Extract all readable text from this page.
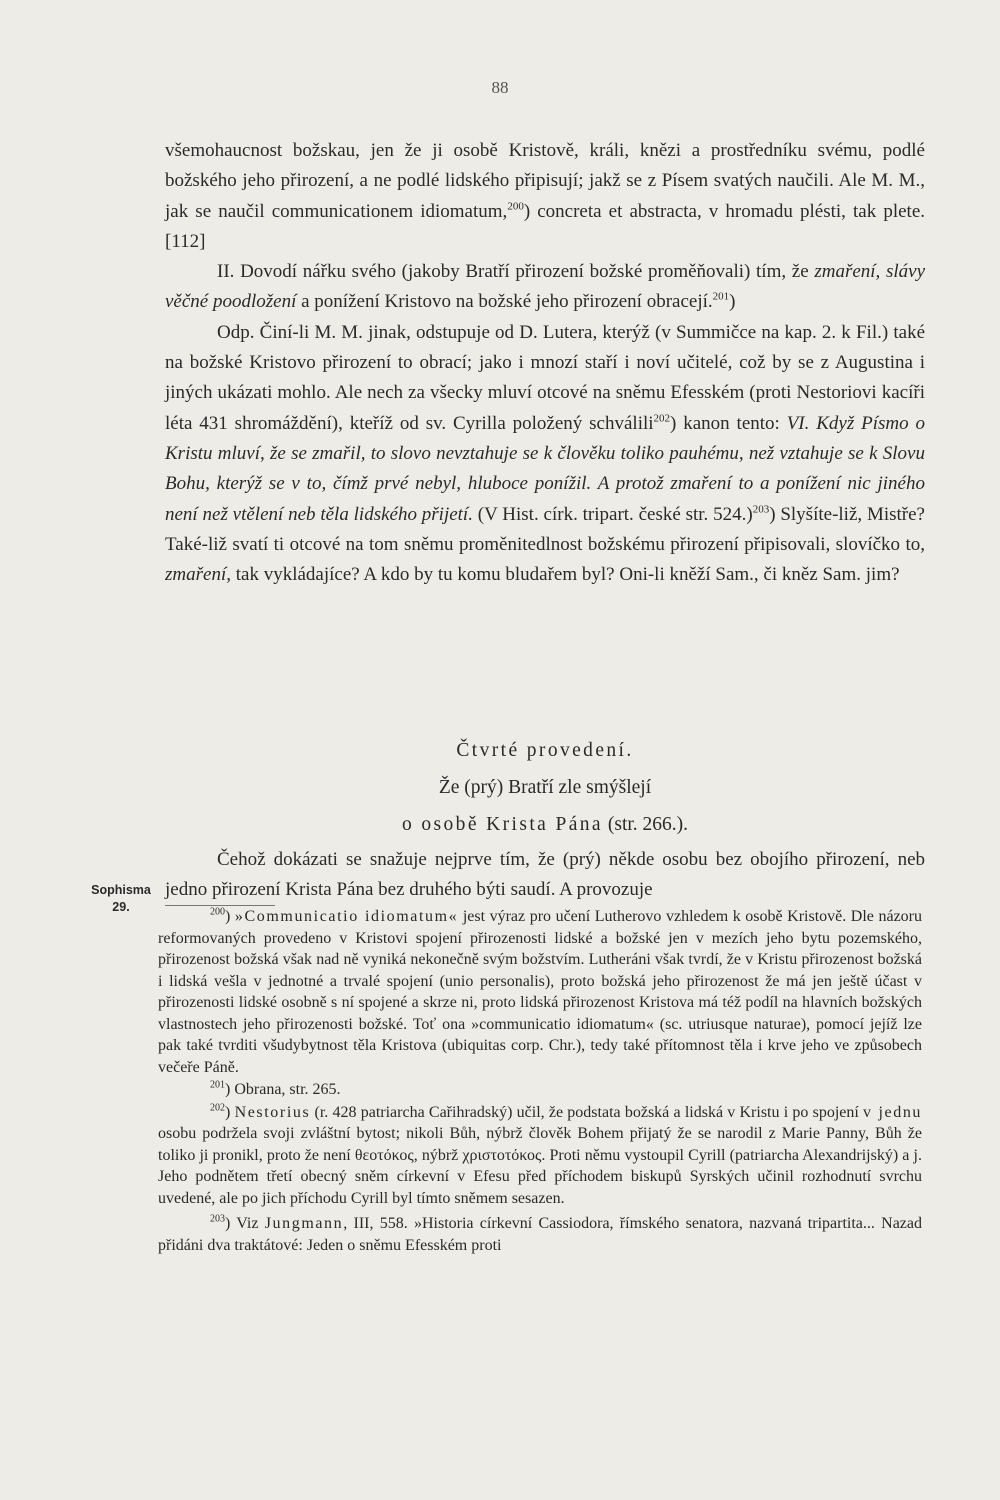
88

všemohaucnost božskau, jen že ji osobě Kristově, králi, knězi a prostředníku svému, podlé božského jeho přirození, a ne podlé lidského připisují; jakž se z Písem svatých naučili. Ale M. M., jak se naučil communicationem idiomatum,$^{200}$) concreta et abstracta, v hromadu plésti, tak plete. [112]

II. Dovodí nářku svého (jakoby Bratří přirození božské proměňovali) tím, že zmaření, slávy věčné poodložení a ponížení Kristovo na božské jeho přirození obracejí.$^{201}$)

Odp. Činí-li M. M. jinak, odstupuje od D. Lutera, kterýž (v Summičce na kap. 2. k Fil.) také na božské Kristovo přirození to obrací; jako i mnozí staří i noví učitelé, což by se z Augustina i jiných ukázati mohlo. Ale nech za všecky mluví otcové na sněmu Efesském (proti Nestoriovi kacíři léta 431 shromáždění), kteříž od sv. Cyrilla položený schválili$^{202}$) kanon tento: VI. Když Písmo o Kristu mluví, že se zmařil, to slovo nevztahuje se k člověku toliko pauhému, než vztahuje se k Slovu Bohu, kterýž se v to, čímž prvé nebyl, hluboce ponížil. A protož zmaření to a ponížení nic jiného není než vtělení neb těla lidského přijetí. (V Hist. círk. tripart. české str. 524.)$^{203}$) Slyšíte-liž, Mistře? Také-liž svatí ti otcové na tom sněmu proměnitedlnost božskému přirození připisovali, slovíčko to, zmaření, tak vykládajíce? A kdo by tu komu bludařem byl? Oni-li kněží Sam., či kněz Sam. jim?

Čtvrté provedení.
Že (prý) Bratří zle smýšlejí
o osobě Krista Pána (str. 266.).

Čehož dokázati se snažuje nejprve tím, že (prý) někde osobu bez obojího přirození, neb jedno přirození Krista Pána bez druhého býti saudí. A provozuje

Sophisma
29.	$^{200}$) »Communicatio idiomatum« jest výraz pro učení Lutherovo vzhledem k osobě Kristově. Dle názoru reformovaných provedeno v Kristovi spojení přirozenosti lidské a božské jen v mezích jeho bytu pozemského, přirozenost božská však nad ně vyniká nekonečně svým božstvím. Lutheráni však tvrdí, že v Kristu přirozenost božská i lidská vešla v jednotné a trvalé spojení (unio personalis), proto božská jeho přirozenost že má jen ještě účast v přirozenosti lidské osobně s ní spojené a skrze ni, proto lidská přirozenost Kristova má též podíl na hlavních božských vlastnostech jeho přirozenosti božské. Toť ona »communicatio idiomatum« (sc. utriusque naturae), pomocí jejíž lze pak také tvrditi všudybytnost těla Kristova (ubiquitas corp. Chr.), tedy také přítomnost těla i krve jeho ve způsobech večeře Páně.

$^{201}$) Obrana, str. 265.

$^{202}$) Nestorius (r. 428 patriarcha Cařihradský) učil, že podstata božská a lidská v Kristu i po spojení v jednu osobu podržela svoji zvláštní bytost; nikoli Bůh, nýbrž člověk Bohem přijatý že se narodil z Marie Panny, Bůh že toliko ji pronikl, proto že není θεοτόκος, nýbrž χριστοτόκος. Proti němu vystoupil Cyrill (patriarcha Alexandrijský) a j. Jeho podnětem třetí obecný sněm církevní v Efesu před příchodem biskupů Syrských učinil rozhodnutí svrchu uvedené, ale po jich příchodu Cyrill byl tímto sněmem sesazen.

$^{203}$) Viz Jungmann, III, 558. »Historia církevní Cassiodora, římského senatora, nazvaná tripartita... Nazad přidáni dva traktátové: Jeden o sněmu Efesském proti
